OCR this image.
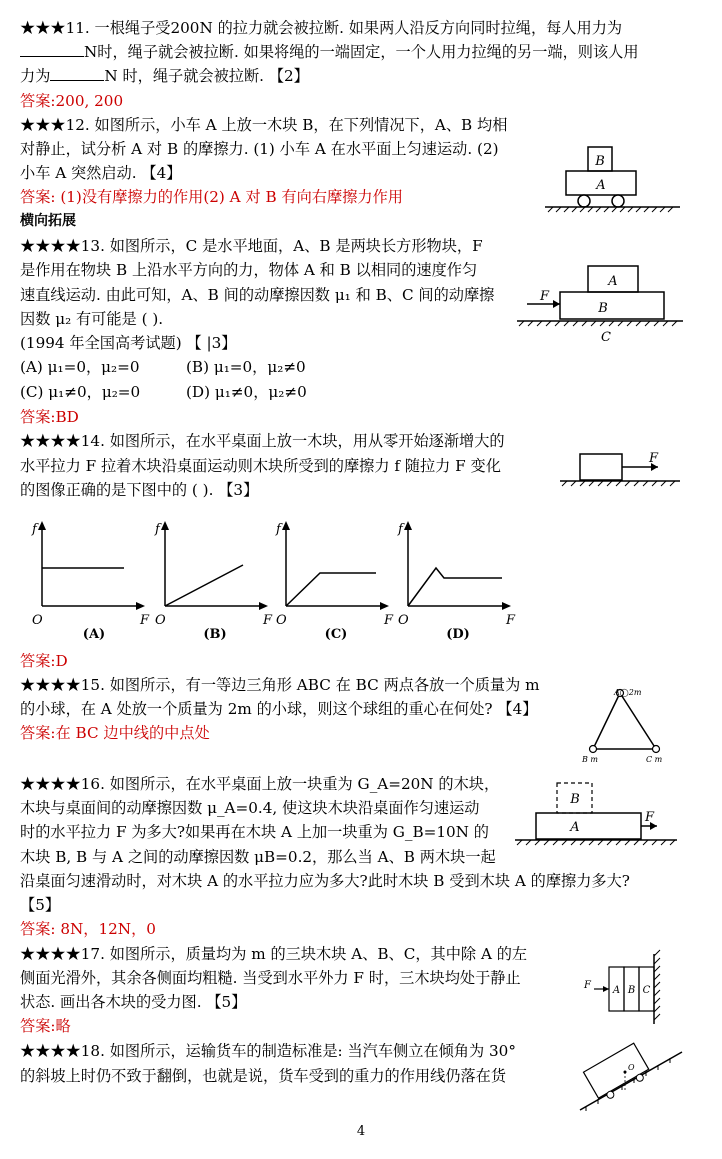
★★★11. 一根绳子受200N 的拉力就会被拉断. 如果两人沿反方向同时拉绳，每人用力为
N时，绳子就会被拉断. 如果将绳的一端固定，一个人用力拉绳的另一端，则该人用
力为	N 时，绳子就会被拉断. 【2】
答案:200, 200
★★★12. 如图所示，小车 A 上放一木块 B，在下列情况下，A、B 均相
对静止，试分析 A 对 B 的摩擦力. (1) 小车 A 在水平面上匀速运动. (2)
小车 A 突然启动. 【4】
答案: (1)没有摩擦力的作用(2) A 对 B 有向右摩擦力作用
B
A
横向拓展
★★★★13. 如图所示，C 是水平地面，A、B 是两块长方形物块，F
是作用在物块 B 上沿水平方向的力，物体 A 和 B 以相同的速度作匀
速直线运动. 由此可知，A、B 间的动摩擦因数 μ₁ 和 B、C 间的动摩擦
因数 μ₂ 有可能是 ( ).
(1994 年全国高考试题) 【 |3】
(A) μ₁=0，μ₂=0	(B) μ₁=0，μ₂≠0
(C) μ₁≠0，μ₂=0	(D) μ₁≠0，μ₂≠0
答案:BD
A
B
F
C
★★★★14. 如图所示，在水平桌面上放一木块，用从零开始逐渐增大的
水平拉力 F 拉着木块沿桌面运动则木块所受到的摩擦力 f 随拉力 F 变化
的图像正确的是下图中的 ( ). 【3】
F
f
F
O
(A)
f
F
O
(B)
f
F
O
(C)
f
F
O
(D)
答案:D
★★★★15. 如图所示，有一等边三角形 ABC 在 BC 两点各放一个质量为 m
的小球，在 A 处放一个质量为 2m 的小球，则这个球组的重心在何处? 【4】
答案:在 BC 边中线的中点处
A◯2m
B m	C m
★★★★16. 如图所示，在水平桌面上放一块重为 G_A=20N 的木块，
木块与桌面间的动摩擦因数 μ_A=0.4, 使这块木块沿桌面作匀速运动
时的水平拉力 F 为多大?如果再在木块 A 上加一块重为 G_B=10N 的
木块 B, B 与 A 之间的动摩擦因数 μB=0.2，那么当 A、B 两木块一起
沿桌面匀速滑动时，对木块 A 的水平拉力应为多大?此时木块 B 受到木块 A 的摩擦力多大?
【5】
答案: 8N，12N，0
B
A
F
★★★★17. 如图所示，质量均为 m 的三块木块 A、B、C，其中除 A 的左
侧面光滑外，其余各侧面均粗糙. 当受到水平外力 F 时，三木块均处于静止
状态. 画出各木块的受力图. 【5】
答案:略
A B C
F
★★★★18. 如图所示，运输货车的制造标准是: 当汽车侧立在倾角为 30°
的斜坡上时仍不致于翻倒，也就是说，货车受到的重力的作用线仍落在货	O
4
